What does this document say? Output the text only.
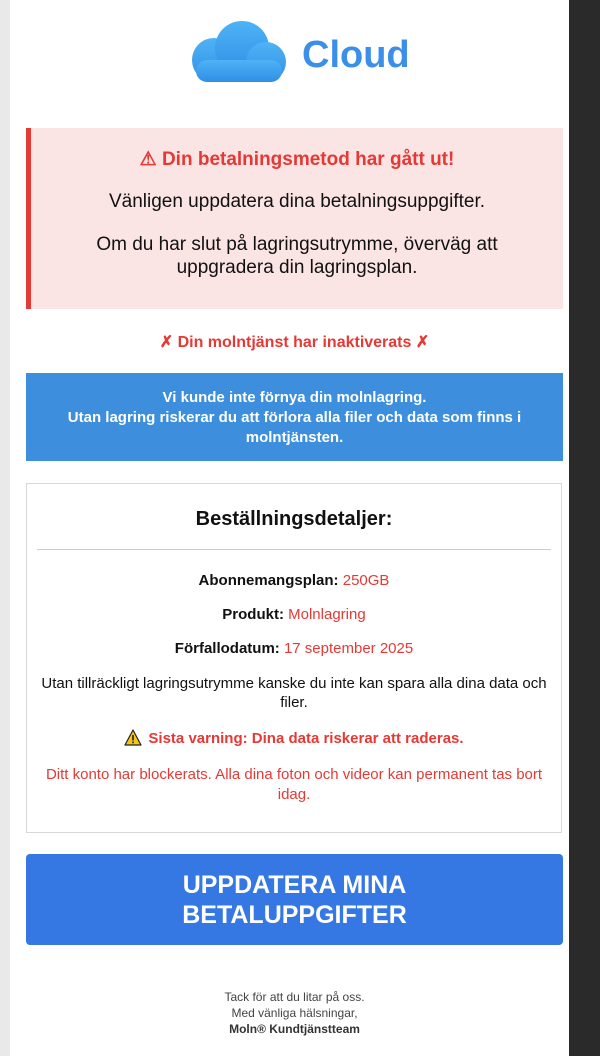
Cloud
⚠ Din betalningsmetod har gått ut!
Vänligen uppdatera dina betalningsuppgifter.
Om du har slut på lagringsutrymme, överväg att uppgradera din lagringsplan.
✗ Din molntjänst har inaktiverats ✗
Vi kunde inte förnya din molnlagring.
Utan lagring riskerar du att förlora alla filer och data som finns i molntjänsten.
Beställningsdetaljer:
Abonnemangsplan: 250GB
Produkt: Molnlagring
Förfallodatum: 17 september 2025
Utan tillräckligt lagringsutrymme kanske du inte kan spara alla dina data och filer.
Sista varning: Dina data riskerar att raderas.
Ditt konto har blockerats. Alla dina foton och videor kan permanent tas bort idag.
UPPDATERA MINA
BETALUPPGIFTER
Tack för att du litar på oss.
Med vänliga hälsningar,
Moln® Kundtjänstteam
